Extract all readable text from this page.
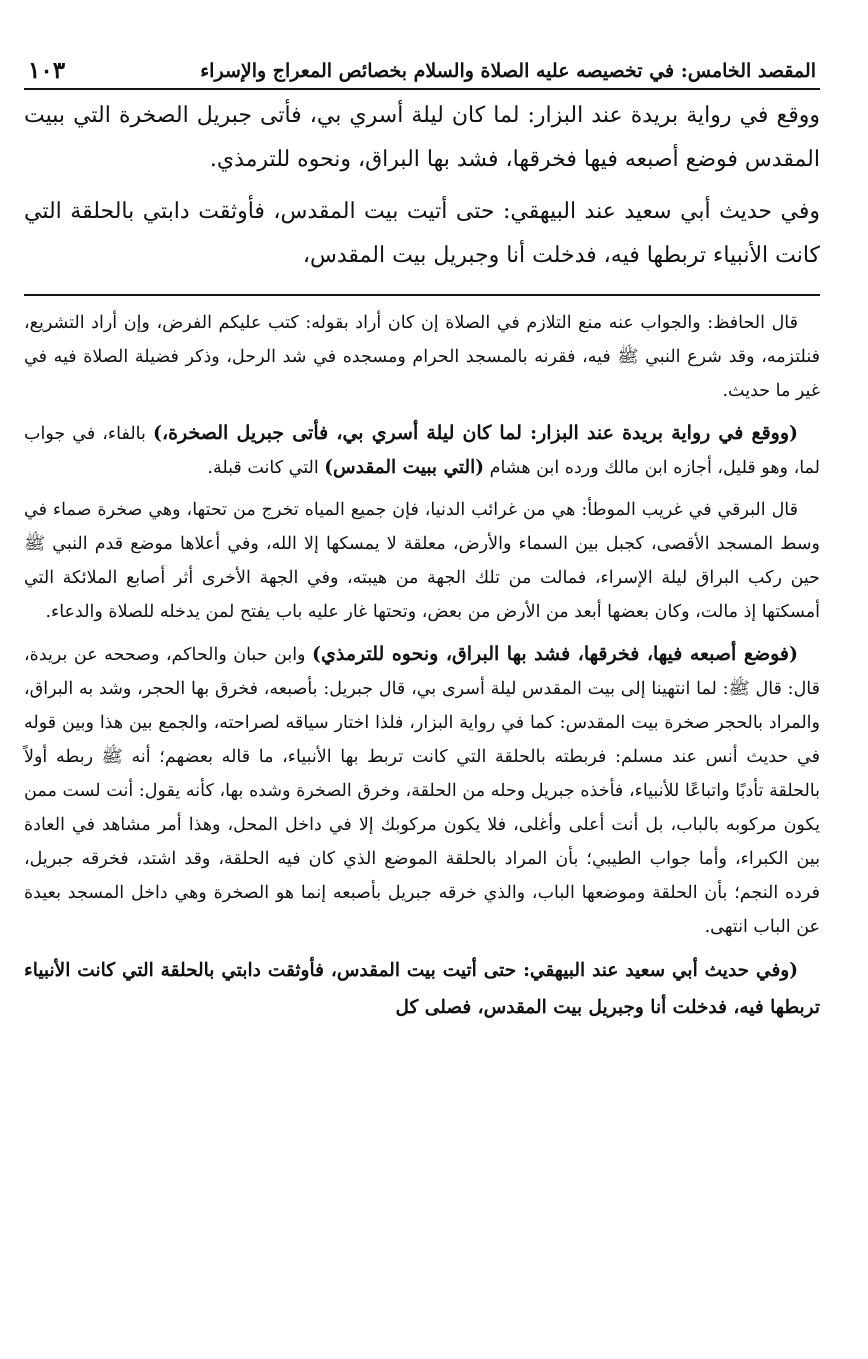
المقصد الخامس: في تخصيصه عليه الصلاة والسلام بخصائص المعراج والإسراء
١٠٣

ووقع في رواية بريدة عند البزار: لما كان ليلة أسري بي، فأتى جبريل الصخرة التي ببيت المقدس فوضع أصبعه فيها فخرقها، فشد بها البراق، ونحوه للترمذي.

وفي حديث أبي سعيد عند البيهقي: حتى أتيت بيت المقدس، فأوثقت دابتي بالحلقة التي كانت الأنبياء تربطها فيه، فدخلت أنا وجبريل بيت المقدس،

قال الحافظ: والجواب عنه منع التلازم في الصلاة إن كان أراد بقوله: كتب عليكم الفرض، وإن أراد التشريع، فنلتزمه، وقد شرع النبي ﷺ فيه، فقرنه بالمسجد الحرام ومسجده في شد الرحل، وذكر فضيلة الصلاة فيه في غير ما حديث.

(ووقع في رواية بريدة عند البزار: لما كان ليلة أسري بي، فأتى جبريل الصخرة،) بالفاء، في جواب لما، وهو قليل، أجازه ابن مالك ورده ابن هشام (التي ببيت المقدس) التي كانت قبلة.

قال البرقي في غريب الموطأ: هي من غرائب الدنيا، فإن جميع المياه تخرج من تحتها، وهي صخرة صماء في وسط المسجد الأقصى، كجبل بين السماء والأرض، معلقة لا يمسكها إلا الله، وفي أعلاها موضع قدم النبي ﷺ حين ركب البراق ليلة الإسراء، فمالت من تلك الجهة من هيبته، وفي الجهة الأخرى أثر أصابع الملائكة التي أمسكتها إذ مالت، وكان بعضها أبعد من الأرض من بعض، وتحتها غار عليه باب يفتح لمن يدخله للصلاة والدعاء.

(فوضع أصبعه فيها، فخرقها، فشد بها البراق، ونحوه للترمذي) وابن حبان والحاكم، وصححه عن بريدة، قال: قال ﷺ: لما انتهينا إلى بيت المقدس ليلة أسرى بي، قال جبريل: بأصبعه، فخرق بها الحجر، وشد به البراق، والمراد بالحجر صخرة بيت المقدس: كما في رواية البزار، فلذا اختار سياقه لصراحته، والجمع بين هذا وبين قوله في حديث أنس عند مسلم: فربطته بالحلقة التي كانت تربط بها الأنبياء، ما قاله بعضهم؛ أنه ﷺ ربطه أولاً بالحلقة تأدبًا واتباعًا للأنبياء، فأخذه جبريل وحله من الحلقة، وخرق الصخرة وشده بها، كأنه يقول: أنت لست ممن يكون مركوبه بالباب، بل أنت أعلى وأغلى، فلا يكون مركوبك إلا في داخل المحل، وهذا أمر مشاهد في العادة بين الكبراء، وأما جواب الطيبي؛ بأن المراد بالحلقة الموضع الذي كان فيه الحلقة، وقد اشتد، فخرقه جبريل، فرده النجم؛ بأن الحلقة وموضعها الباب، والذي خرقه جبريل بأصبعه إنما هو الصخرة وهي داخل المسجد بعيدة عن الباب انتهى.

(وفي حديث أبي سعيد عند البيهقي: حتى أتيت بيت المقدس، فأوثقت دابتي بالحلقة التي كانت الأنبياء تربطها فيه، فدخلت أنا وجبريل بيت المقدس، فصلى كل
